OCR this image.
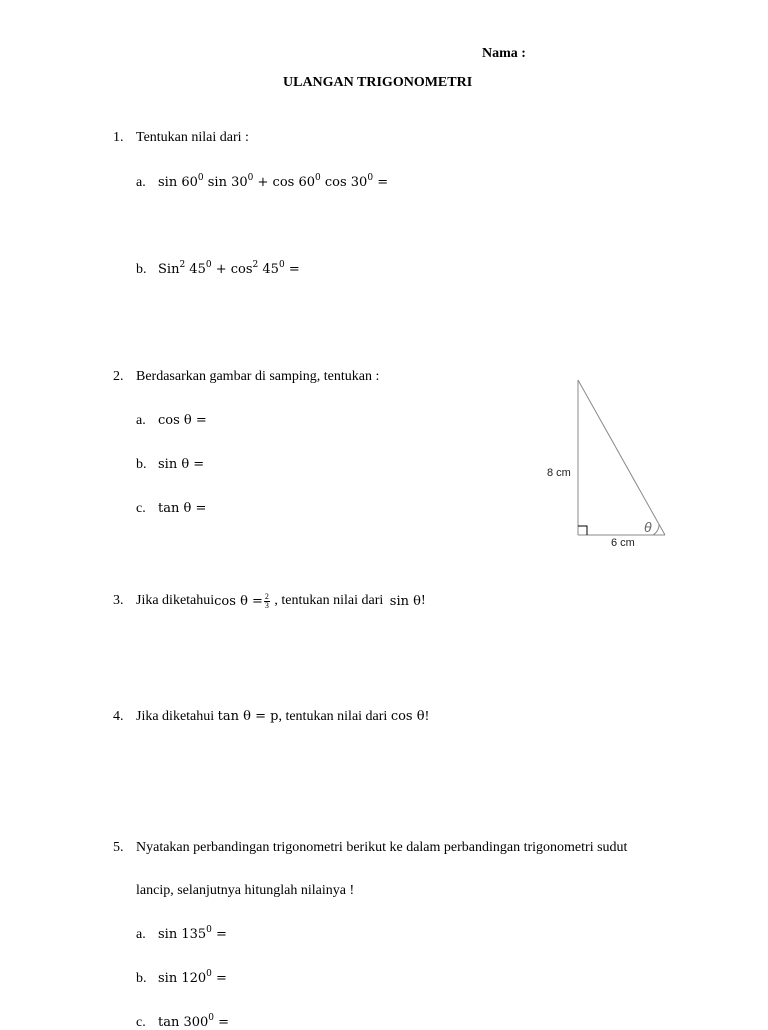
Nama :
ULANGAN TRIGONOMETRI
1. Tentukan nilai dari :
a. $\sin 60^0$ $\sin 30^0 + \cos 60^0$ $\cos 30^0$ =
b. Sin$^2$ $45^0 + \cos^2 45^0$ =
2. Berdasarkan gambar di samping, tentukan :
a. cos θ =
b. sin θ =
c. tan θ =
8 cm
6 cm
θ
3. Jika diketahui $\cos \theta = \frac{2}{3}$ , tentukan nilai dari sin θ !
4. Jika diketahui tan θ = p, tentukan nilai dari cos θ!
5. Nyatakan perbandingan trigonometri berikut ke dalam perbandingan trigonometri sudut
lancip, selanjutnya hitunglah nilainya !
a. $\sin 135^0$ =
b. $\sin 120^0$ =
c. $\tan 300^0$ =
